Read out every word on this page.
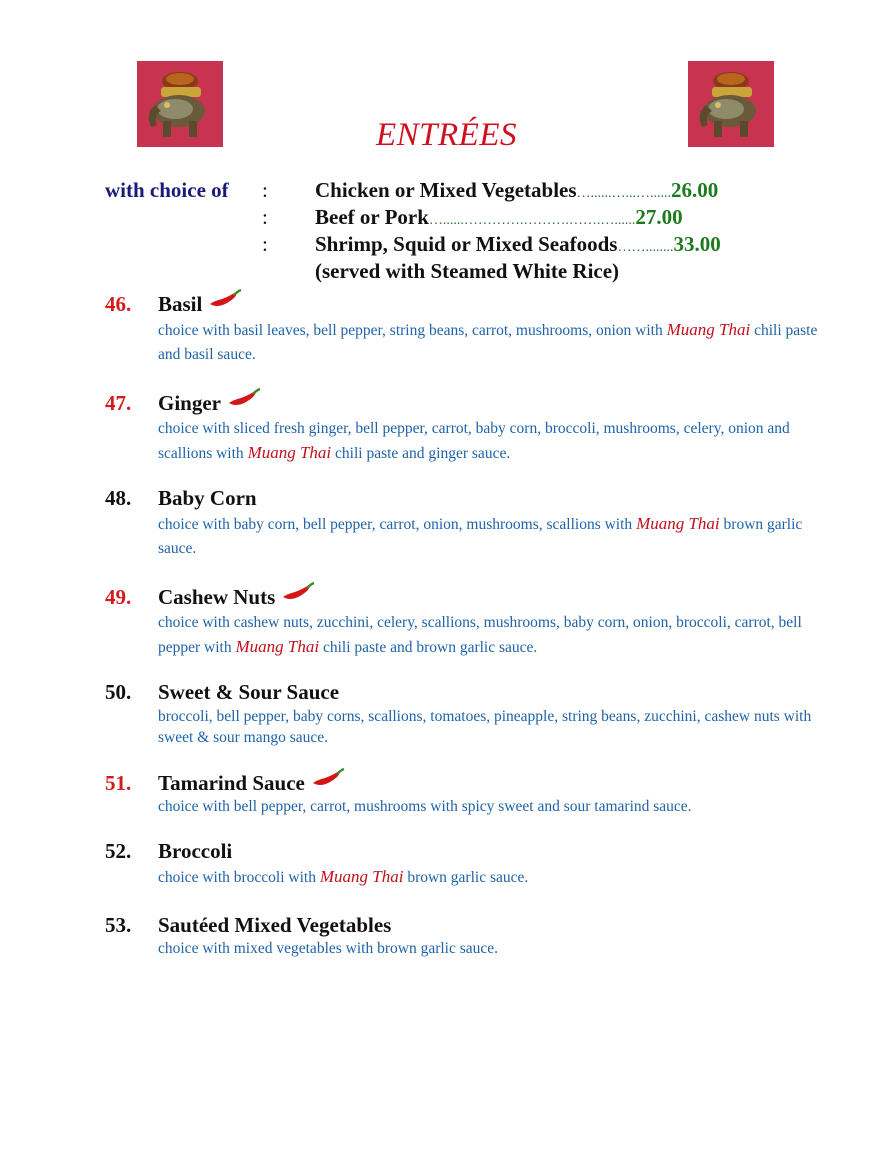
ENTRÉES
with choice of : Chicken or Mixed Vegetables…......…...…......26.00
: Beef or Pork…......………….……….…….…......27.00
: Shrimp, Squid or Mixed Seafoods……........33.00
(served with Steamed White Rice)
46. Basil
choice with basil leaves, bell pepper, string beans, carrot, mushrooms, onion with Muang Thai chili paste and basil sauce.
47. Ginger
choice with sliced fresh ginger, bell pepper, carrot, baby corn, broccoli, mushrooms, celery, onion and scallions with Muang Thai chili paste and ginger sauce.
48. Baby Corn
choice with baby corn, bell pepper, carrot, onion, mushrooms, scallions with Muang Thai brown garlic sauce.
49. Cashew Nuts
choice with cashew nuts, zucchini, celery, scallions, mushrooms, baby corn, onion, broccoli, carrot, bell pepper with Muang Thai chili paste and brown garlic sauce.
50. Sweet & Sour Sauce
broccoli, bell pepper, baby corns, scallions, tomatoes, pineapple, string beans, zucchini, cashew nuts with sweet & sour mango sauce.
51. Tamarind Sauce
choice with bell pepper, carrot, mushrooms with spicy sweet and sour tamarind sauce.
52. Broccoli
choice with broccoli with Muang Thai brown garlic sauce.
53. Sautéed Mixed Vegetables
choice with mixed vegetables with brown garlic sauce.
